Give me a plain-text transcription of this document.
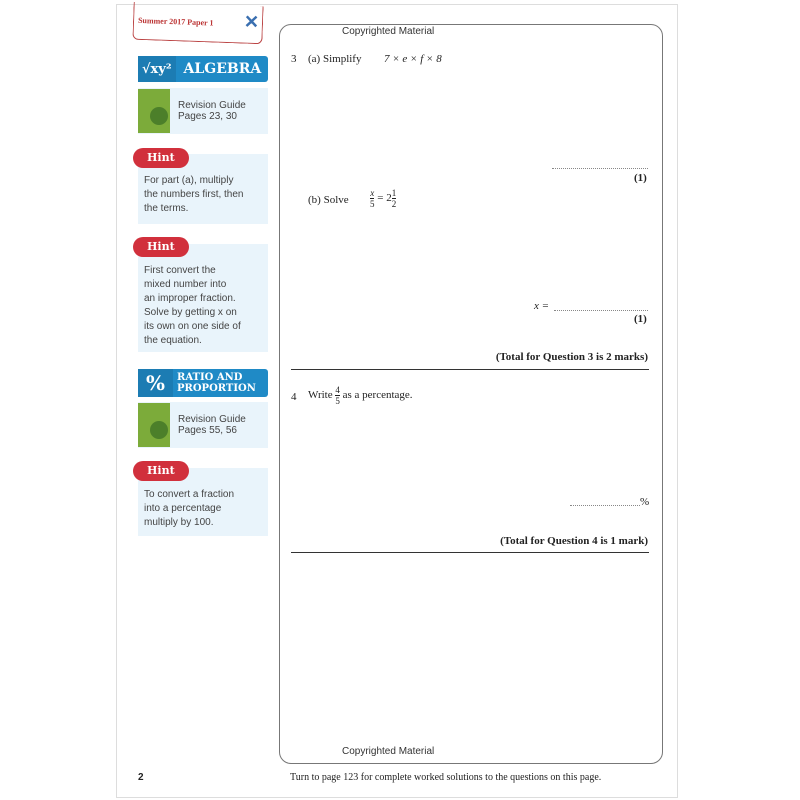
Summer 2017 Paper 1 ✕	Copyrighted Material
√xy² ALGEBRA
Revision Guide
Pages 23, 30
For part (a), multiply
the numbers first, then
the terms.
Hint
First convert the
mixed number into
an improper fraction.
Solve by getting x on
its own on one side of
the equation.
Hint
%	RATIO AND
PROPORTION
Revision Guide
Pages 55, 56
To convert a fraction
into a percentage
multiply by 100.
Hint
3 (a) Simplify 7 × e × f × 8
(1)
(b) Solve $\frac{x}{5} = 2 \frac{1}{2}$
x =
(1)
(Total for Question 3 is 2 marks)
4 Write $\frac{4}{5}$ as a percentage.
%
(Total for Question 4 is 1 mark)
Copyrighted Material
2	Turn to page 123 for complete worked solutions to the questions on this page.
